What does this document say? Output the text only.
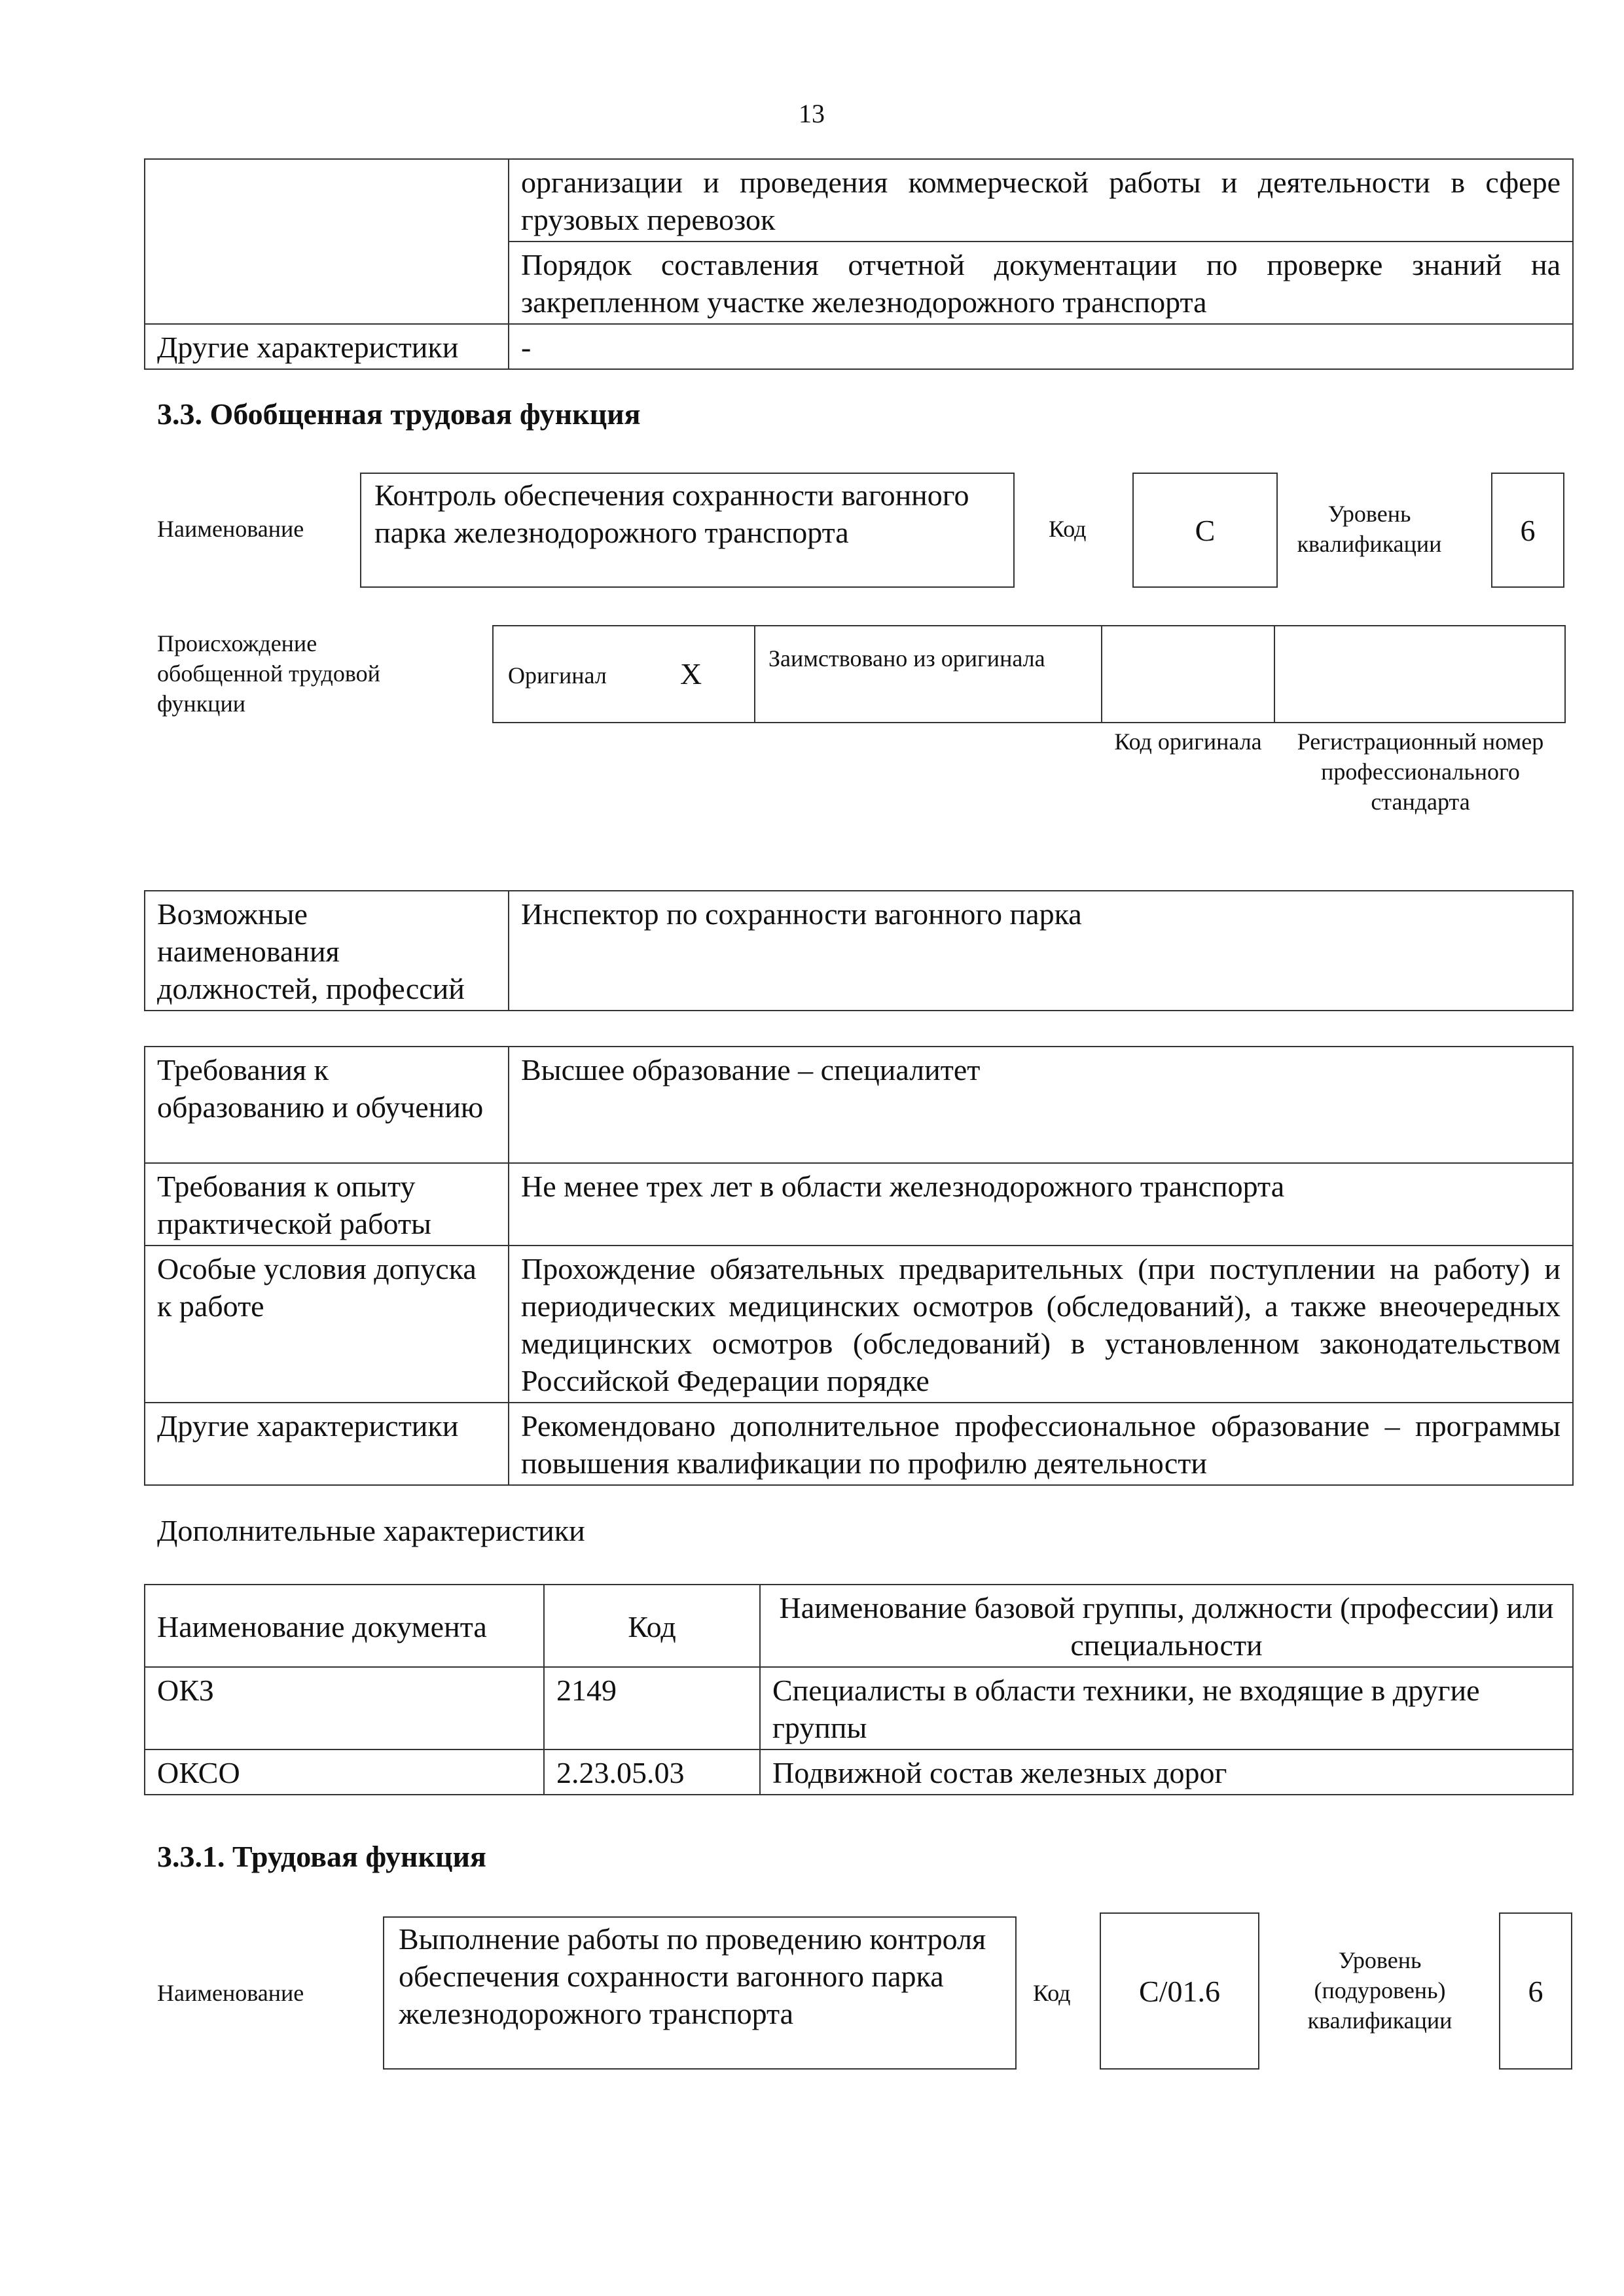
13
	организации и проведения коммерческой работы и деятельности в сфере грузовых перевозок
	Порядок составления отчетной документации по проверке знаний на закрепленном участке железнодорожного транспорта
Другие характеристики	-
3.3. Обобщенная трудовая функция
Наименование
Контроль обеспечения сохранности вагонного парка железнодорожного транспорта	Код	C	Уровень квалификации	6
Происхождение обобщенной трудовой функции
Оригинал X	Заимствовано из оригинала
Код оригинала	Регистрационный номер профессионального стандарта
Возможные наименования должностей, профессий	Инспектор по сохранности вагонного парка
Требования к образованию и обучению	Высшее образование – специалитет
Требования к опыту практической работы	Не менее трех лет в области железнодорожного транспорта
Особые условия допуска к работе	Прохождение обязательных предварительных (при поступлении на работу) и периодических медицинских осмотров (обследований), а также внеочередных медицинских осмотров (обследований) в установленном законодательством Российской Федерации порядке
Другие характеристики	Рекомендовано дополнительное профессиональное образование – программы повышения квалификации по профилю деятельности
Дополнительные характеристики
Наименование документа	Код	Наименование базовой группы, должности (профессии) или специальности
ОКЗ	2149	Специалисты в области техники, не входящие в другие группы
ОКСО	2.23.05.03	Подвижной состав железных дорог
3.3.1. Трудовая функция
Наименование
Выполнение работы по проведению контроля обеспечения сохранности вагонного парка железнодорожного транспорта
Код C/01.6
Уровень (подуровень) квалификации
6
